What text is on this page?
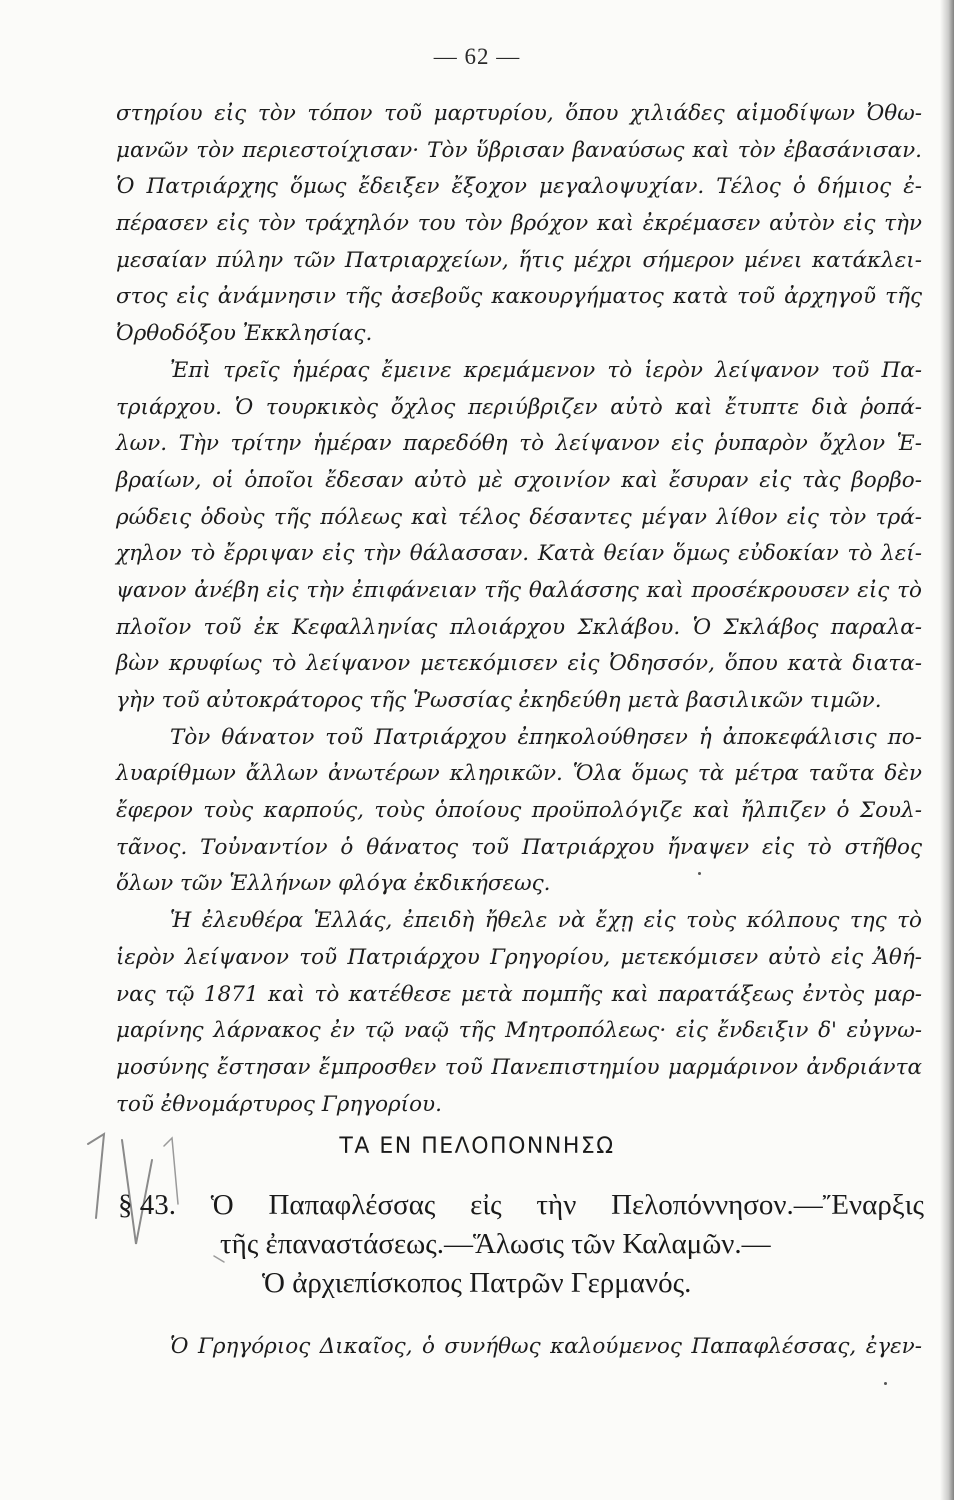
— 62 —
στηρίου εἰς τὸν τόπον τοῦ μαρτυρίου, ὅπου χιλιάδες αἱμοδίψων Ὀθω-
μανῶν τὸν περιεστοίχισαν· Τὸν ὕβρισαν βαναύσως καὶ τὸν ἐβασάνισαν.
Ὁ Πατριάρχης ὅμως ἔδειξεν ἔξοχον μεγαλοψυχίαν. Τέλος ὁ δήμιος ἐ-
πέρασεν εἰς τὸν τράχηλόν του τὸν βρόχον καὶ ἐκρέμασεν αὐτὸν εἰς τὴν
μεσαίαν πύλην τῶν Πατριαρχείων, ἥτις μέχρι σήμερον μένει κατάκλει-
στος εἰς ἀνάμνησιν τῆς ἀσεβοῦς κακουργήματος κατὰ τοῦ ἀρχηγοῦ τῆς
Ὀρθοδόξου Ἐκκλησίας.
Ἐπὶ τρεῖς ἡμέρας ἔμεινε κρεμάμενον τὸ ἱερὸν λείψανον τοῦ Πα-
τριάρχου. Ὁ τουρκικὸς ὄχλος περιύβριζεν αὐτὸ καὶ ἔτυπτε διὰ ῥοπά-
λων. Τὴν τρίτην ἡμέραν παρεδόθη τὸ λείψανον εἰς ῥυπαρὸν ὄχλον Ἑ-
βραίων, οἱ ὁποῖοι ἔδεσαν αὐτὸ μὲ σχοινίον καὶ ἔσυραν εἰς τὰς βορβο-
ρώδεις ὁδοὺς τῆς πόλεως καὶ τέλος δέσαντες μέγαν λίθον εἰς τὸν τρά-
χηλον τὸ ἔρριψαν εἰς τὴν θάλασσαν. Κατὰ θείαν ὅμως εὐδοκίαν τὸ λεί-
ψανον ἀνέβη εἰς τὴν ἐπιφάνειαν τῆς θαλάσσης καὶ προσέκρουσεν εἰς τὸ
πλοῖον τοῦ ἐκ Κεφαλληνίας πλοιάρχου Σκλάβου. Ὁ Σκλάβος παραλα-
βὼν κρυφίως τὸ λείψανον μετεκόμισεν εἰς Ὀδησσόν, ὅπου κατὰ διατα-
γὴν τοῦ αὐτοκράτορος τῆς Ῥωσσίας ἐκηδεύθη μετὰ βασιλικῶν τιμῶν.
Τὸν θάνατον τοῦ Πατριάρχου ἐπηκολούθησεν ἡ ἀποκεφάλισις πο-
λυαρίθμων ἄλλων ἀνωτέρων κληρικῶν. Ὅλα ὅμως τὰ μέτρα ταῦτα δὲν
ἔφερον τοὺς καρπούς, τοὺς ὁποίους προϋπολόγιζε καὶ ἤλπιζεν ὁ Σουλ-
τᾶνος. Τοὐναντίον ὁ θάνατος τοῦ Πατριάρχου ἤναψεν εἰς τὸ στῆθος
ὅλων τῶν Ἑλλήνων φλόγα ἐκδικήσεως.
Ἡ ἐλευθέρα Ἑλλάς, ἐπειδὴ ἤθελε νὰ ἔχῃ εἰς τοὺς κόλπους της τὸ
ἱερὸν λείψανον τοῦ Πατριάρχου Γρηγορίου, μετεκόμισεν αὐτὸ εἰς Ἀθή-
νας τῷ 1871 καὶ τὸ κατέθεσε μετὰ πομπῆς καὶ παρατάξεως ἐντὸς μαρ-
μαρίνης λάρνακος ἐν τῷ ναῷ τῆς Μητροπόλεως· εἰς ἔνδειξιν δ' εὐγνω-
μοσύνης ἔστησαν ἔμπροσθεν τοῦ Πανεπιστημίου μαρμάρινον ἀνδριάντα
τοῦ ἐθνομάρτυρος Γρηγορίου.
ΤΑ ΕΝ ΠΕΛΟΠΟΝΝΗΣΩ
§ 43. Ὁ Παπαφλέσσας εἰς τὴν Πελοπόννησον.—Ἔναρξις
τῆς ἐπαναστάσεως.—Ἅλωσις τῶν Καλαμῶν.—
Ὁ ἀρχιεπίσκοπος Πατρῶν Γερμανός.
Ὁ Γρηγόριος Δικαῖος, ὁ συνήθως καλούμενος Παπαφλέσσας, ἐγεν-
